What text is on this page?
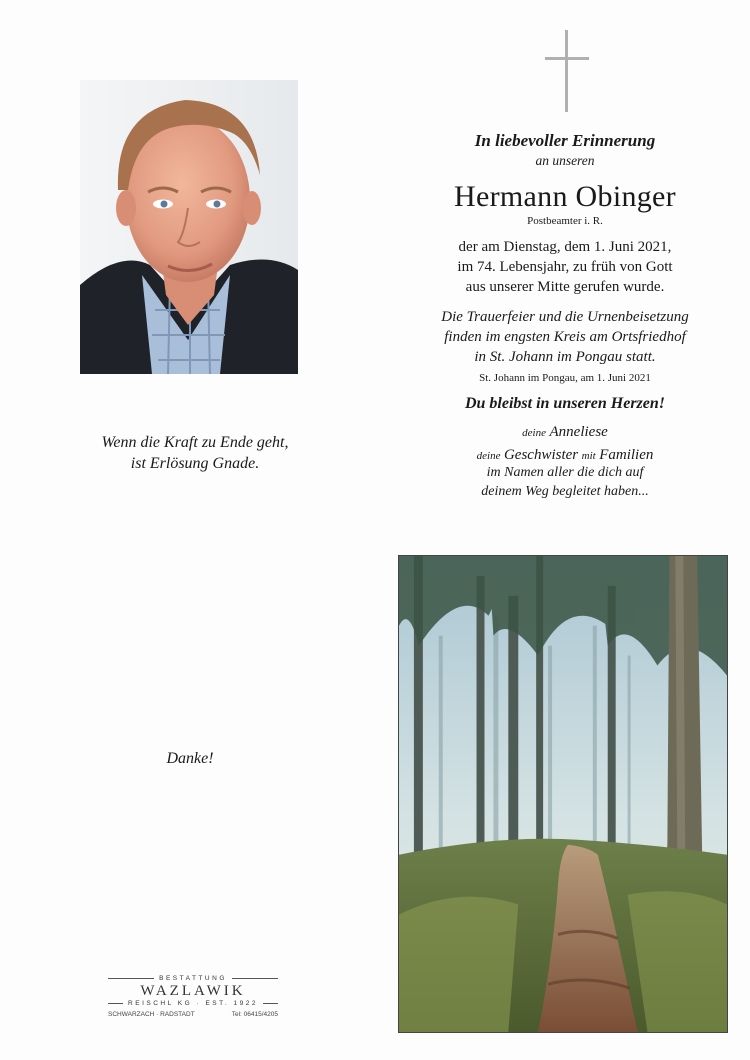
Wenn die Kraft zu Ende geht,
ist Erlösung Gnade.
Danke!
BESTATTUNG
WAZLAWIK
REISCHL KG · EST. 1922
SCHWARZACH · RADSTADT	Tel: 06415/4205
In liebevoller Erinnerung
an unseren
Hermann Obinger
Postbeamter i. R.
der am Dienstag, dem 1. Juni 2021,
im 74. Lebensjahr, zu früh von Gott
aus unserer Mitte gerufen wurde.
Die Trauerfeier und die Urnenbeisetzung
finden im engsten Kreis am Ortsfriedhof
in St. Johann im Pongau statt.
St. Johann im Pongau, am 1. Juni 2021
Du bleibst in unseren Herzen!
deine Anneliese
deine Geschwister mit Familien
im Namen aller die dich auf
deinem Weg begleitet haben...
